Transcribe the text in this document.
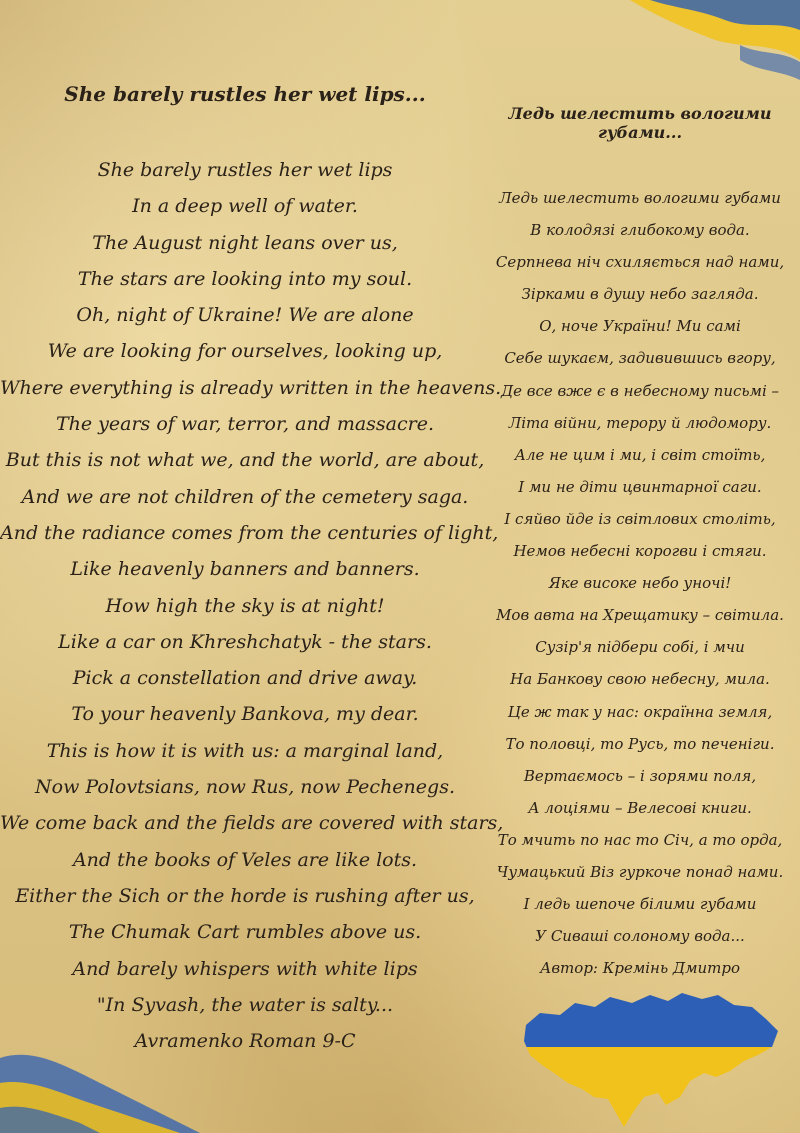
She barely rustles her wet lips...
She barely rustles her wet lips
In a deep well of water.
The August night leans over us,
The stars are looking into my soul.
Oh, night of Ukraine! We are alone
We are looking for ourselves, looking up,
Where everything is already written in the heavens.
The years of war, terror, and massacre.
But this is not what we, and the world, are about,
And we are not children of the cemetery saga.
And the radiance comes from the centuries of light,
Like heavenly banners and banners.
How high the sky is at night!
Like a car on Khreshchatyk - the stars.
Pick a constellation and drive away.
To your heavenly Bankova, my dear.
This is how it is with us: a marginal land,
Now Polovtsians, now Rus, now Pechenegs.
We come back and the fields are covered with stars,
And the books of Veles are like lots.
Either the Sich or the horde is rushing after us,
The Chumak Cart rumbles above us.
And barely whispers with white lips
"In Syvash, the water is salty...
Avramenko Roman 9-C
Ледь шелестить вологими губами...
Ледь шелестить вологими губами
В колодязі глибокому вода.
Серпнева ніч схиляється над нами,
Зірками в душу небо загляда.
О, ноче України! Ми самі
Себе шукаєм, задивившись вгору,
Де все вже є в небесному письмі –
Літа війни, терору й людомору.
Але не цим і ми, і світ стоїть,
І ми не діти цвинтарної саги.
І сяйво йде із світлових століть,
Немов небесні корогви і стяги.
Яке високе небо уночі!
Мов авта на Хрещатику – світила.
Сузір'я підбери собі, і мчи
На Банкову свою небесну, мила.
Це ж так у нас: окраїнна земля,
То половці, то Русь, то печеніги.
Вертаємось – і зорями поля,
А лоціями – Велесові книги.
То мчить по нас то Січ, а то орда,
Чумацький Віз гуркоче понад нами.
І ледь шепоче білими губами
У Сиваші солоному вода...
Автор: Кремінь Дмитро
